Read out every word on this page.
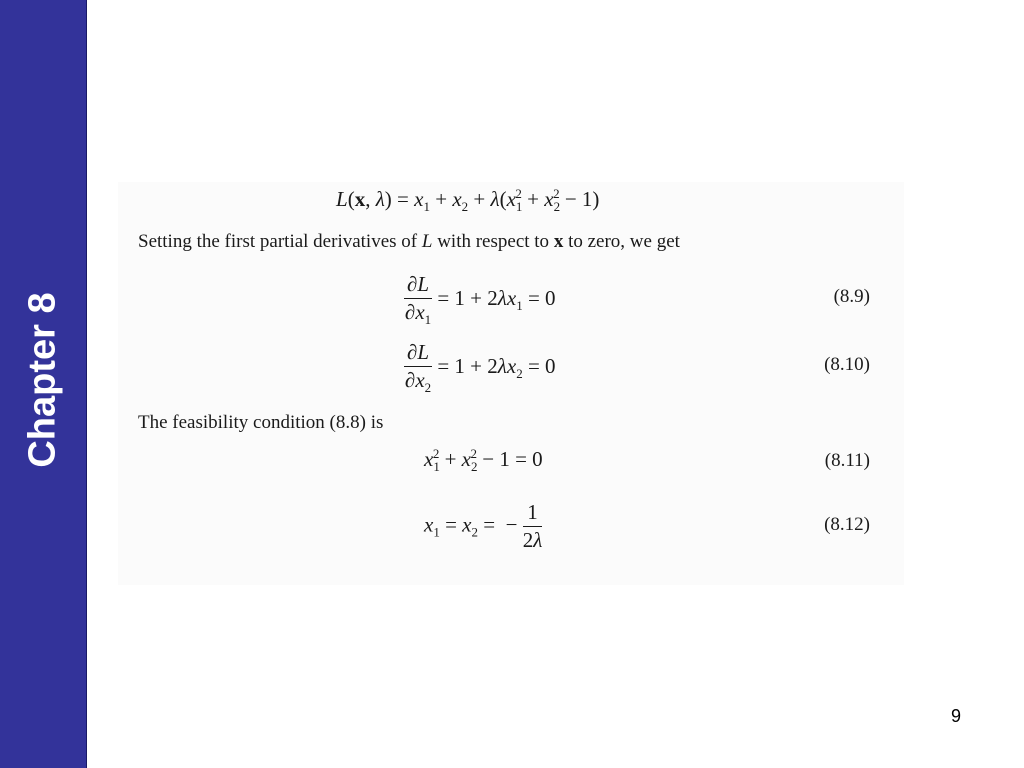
Chapter 8
L(x, $\lambda) = x_1 + x_2 + \lambda(x_1^2 + x_2^2 - 1)$
Setting the first partial derivatives of L with respect to x to zero, we get
$\frac{\partial L}{\partial x_1} = 1 + 2\lambda x_1 = 0$	(8.9)
$\frac{\partial L}{\partial x_2} = 1 + 2\lambda x_2 = 0$	(8.10)
The feasibility condition (8.8) is
$x_1^2 + x_2^2 - 1 = 0$	(8.11)
$x_1 = x_2$ =  − $\frac{1}{2\lambda}$	(8.12)
9
